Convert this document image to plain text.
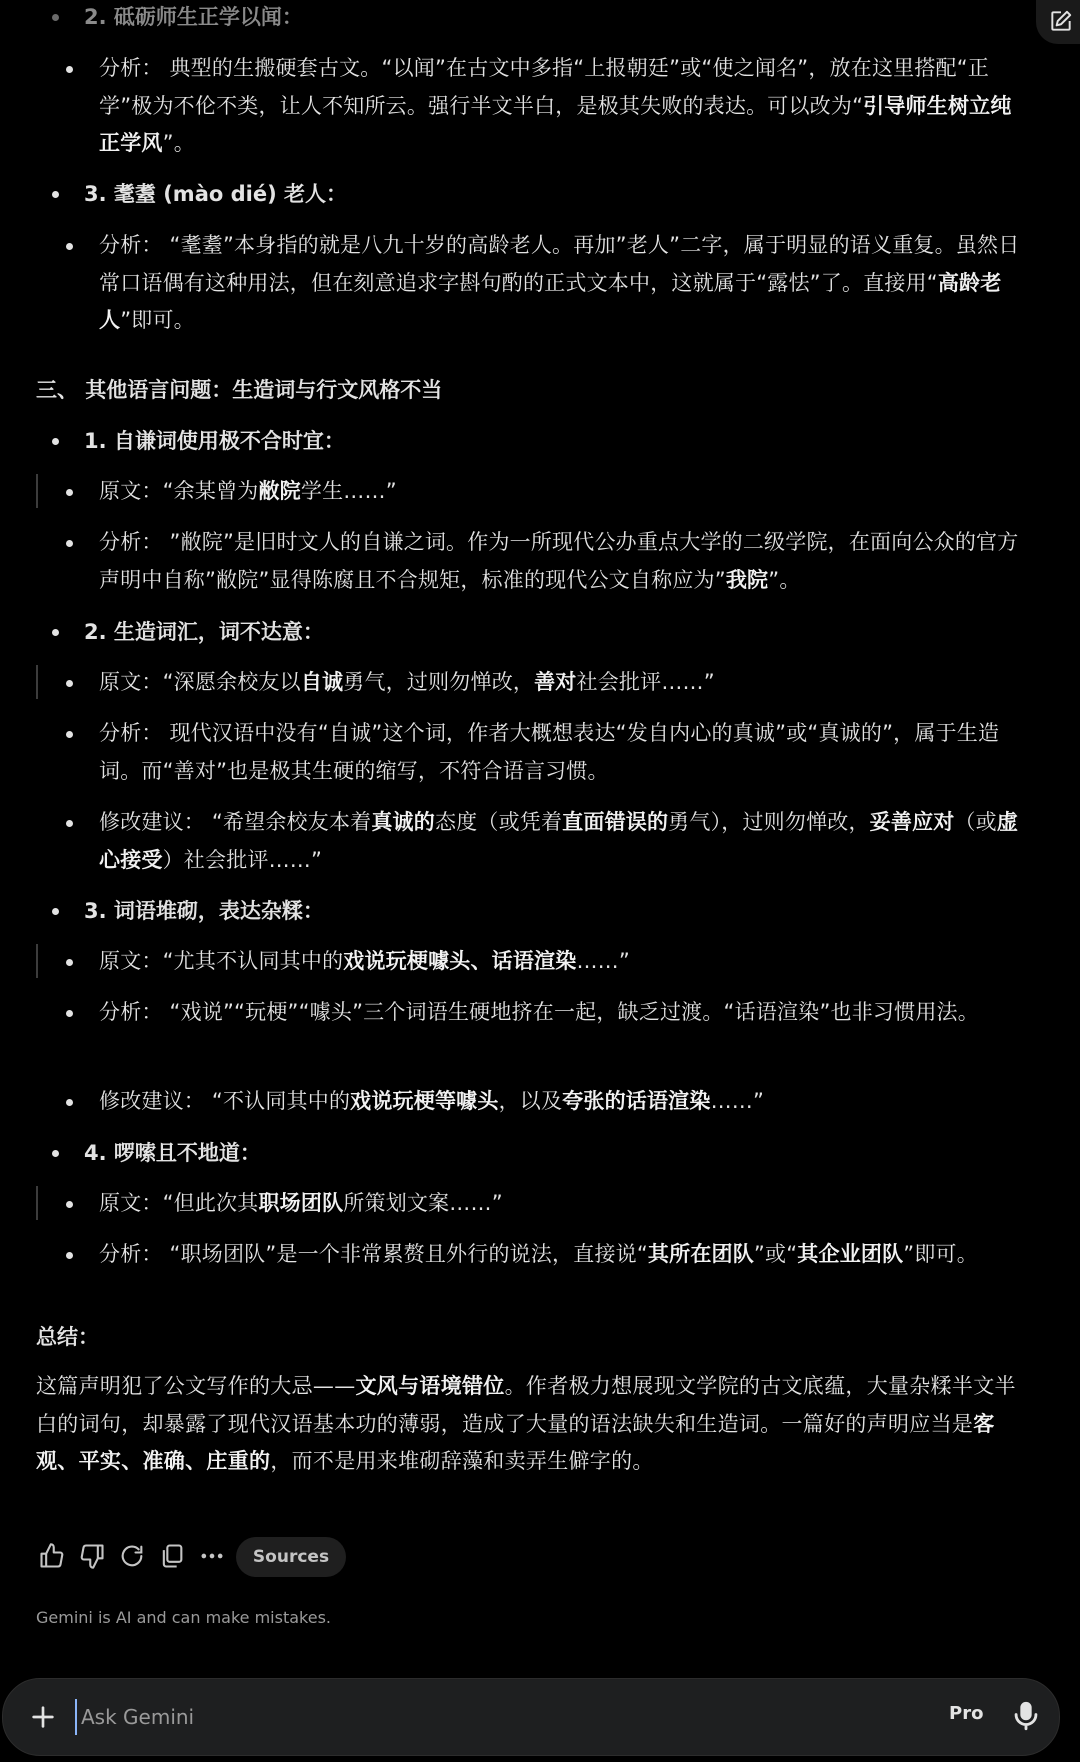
2. 砥砺师生正学以闻：
分析： 典型的生搬硬套古文。“以闻”在古文中多指“上报朝廷”或“使之闻名”，放在这里搭配“正学”极为不伦不类，让人不知所云。强行半文半白，是极其失败的表达。可以改为“引导师生树立纯正学风”。
3. 耄耋 (mào dié) 老人：
分析： “耄耋”本身指的就是八九十岁的高龄老人。再加”老人”二字，属于明显的语义重复。虽然日常口语偶有这种用法，但在刻意追求字斟句酌的正式文本中，这就属于“露怯”了。直接用“高龄老人”即可。
三、 其他语言问题：生造词与行文风格不当
1. 自谦词使用极不合时宜：
原文：“余某曾为敝院学生……”
分析： ”敝院”是旧时文人的自谦之词。作为一所现代公办重点大学的二级学院，在面向公众的官方声明中自称”敝院”显得陈腐且不合规矩，标准的现代公文自称应为”我院”。
2. 生造词汇，词不达意：
原文：“深愿余校友以自诚勇气，过则勿惮改，善对社会批评……”
分析： 现代汉语中没有“自诚”这个词，作者大概想表达“发自内心的真诚”或“真诚的”，属于生造词。而“善对”也是极其生硬的缩写，不符合语言习惯。
修改建议： “希望余校友本着真诚的态度（或凭着直面错误的勇气），过则勿惮改，妥善应对（或虚心接受）社会批评……”
3. 词语堆砌，表达杂糅：
原文：“尤其不认同其中的戏说玩梗噱头、话语渲染……”
分析： “戏说”“玩梗”“噱头”三个词语生硬地挤在一起，缺乏过渡。“话语渲染”也非习惯用法。
修改建议： “不认同其中的戏说玩梗等噱头，以及夸张的话语渲染……”
4. 啰嗦且不地道：
原文：“但此次其职场团队所策划文案……”
分析： “职场团队”是一个非常累赘且外行的说法，直接说“其所在团队”或“其企业团队”即可。
总结：
这篇声明犯了公文写作的大忌——文风与语境错位。作者极力想展现文学院的古文底蕴，大量杂糅半文半白的词句，却暴露了现代汉语基本功的薄弱，造成了大量的语法缺失和生造词。一篇好的声明应当是客观、平实、准确、庄重的，而不是用来堆砌辞藻和卖弄生僻字的。
Sources
Gemini is AI and can make mistakes.
Ask Gemini
Pro
